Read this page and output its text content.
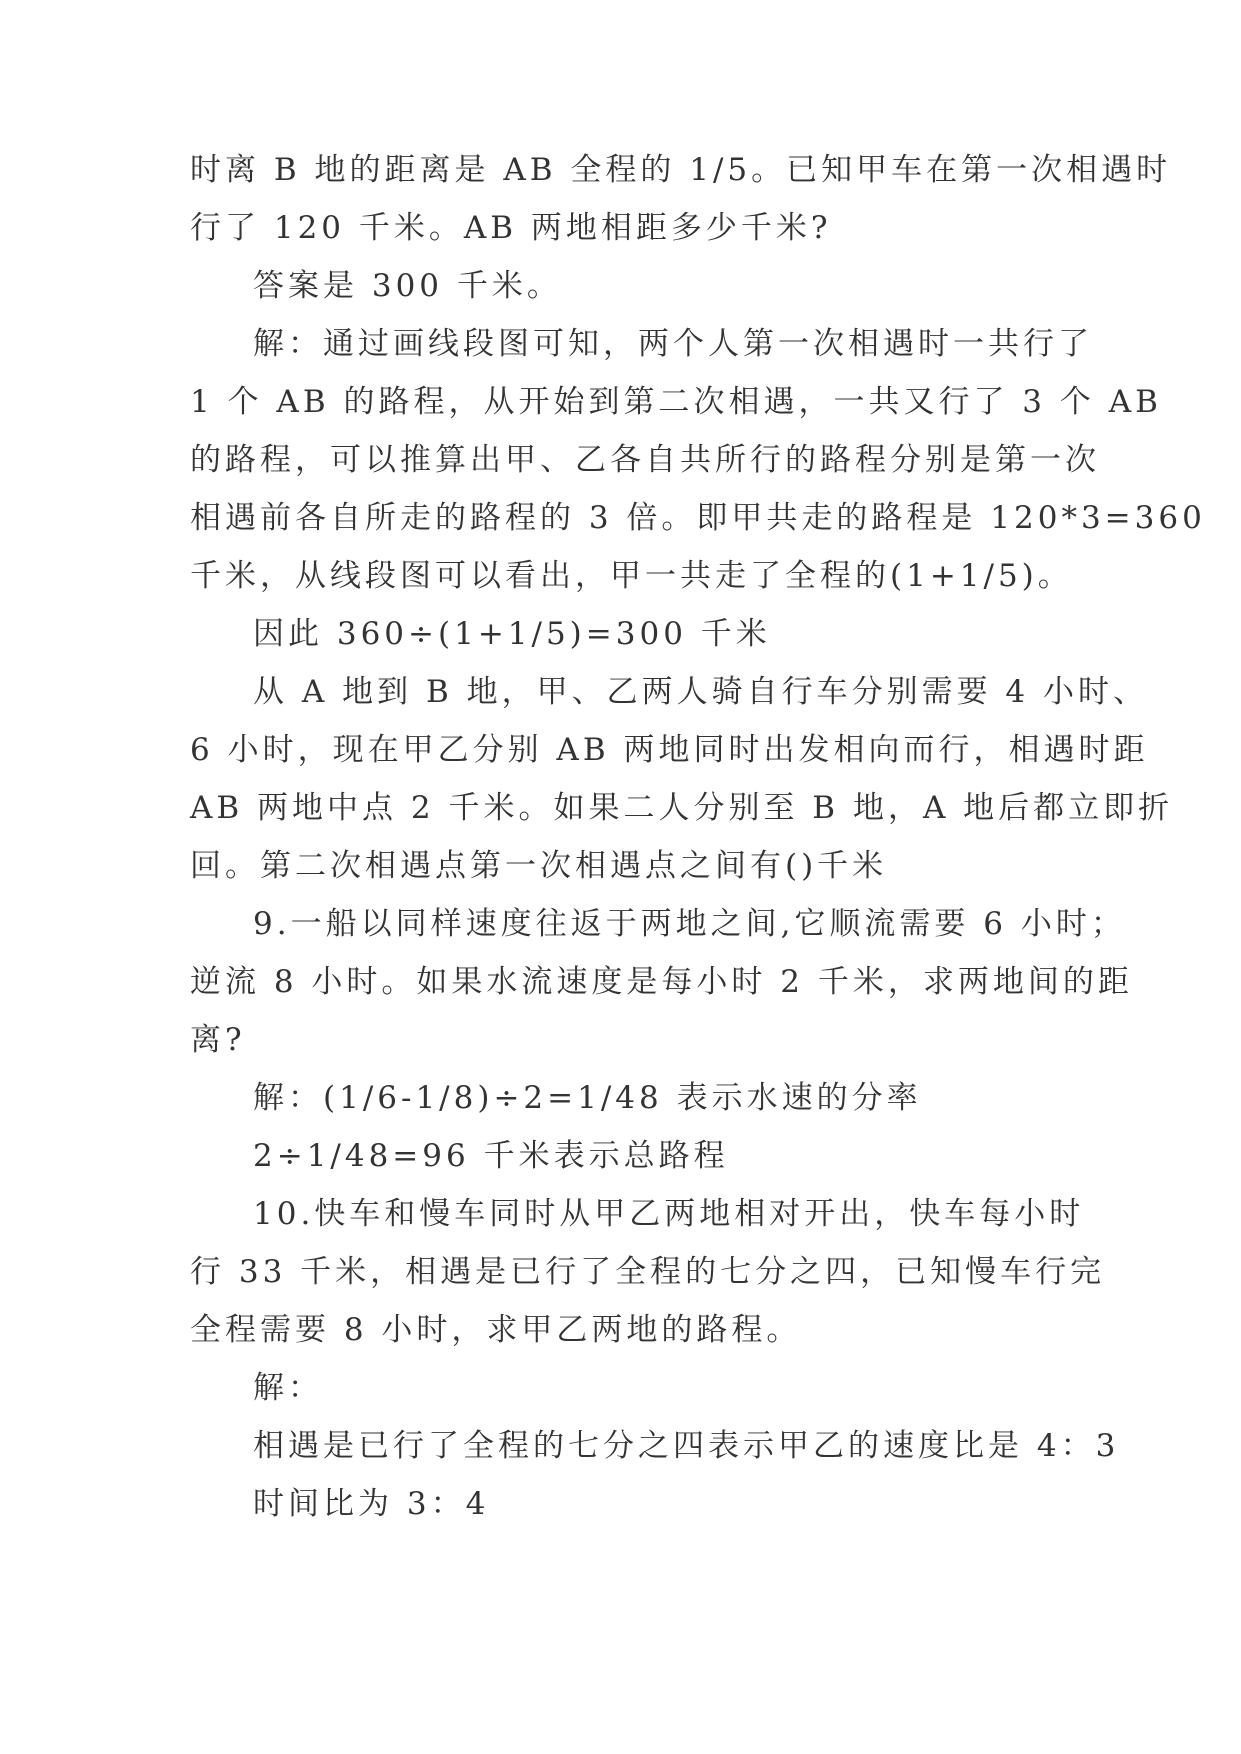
时离 B 地的距离是 AB 全程的 1/5。已知甲车在第一次相遇时
行了 120 千米。AB 两地相距多少千米?
答案是 300 千米。
解：通过画线段图可知，两个人第一次相遇时一共行了
1 个 AB 的路程，从开始到第二次相遇，一共又行了 3 个 AB
的路程，可以推算出甲、乙各自共所行的路程分别是第一次
相遇前各自所走的路程的 3 倍。即甲共走的路程是 120*3=360
千米，从线段图可以看出，甲一共走了全程的(1+1/5)。
因此 360÷(1+1/5)=300 千米
从 A 地到 B 地，甲、乙两人骑自行车分别需要 4 小时、
6 小时，现在甲乙分别 AB 两地同时出发相向而行，相遇时距
AB 两地中点 2 千米。如果二人分别至 B 地，A 地后都立即折
回。第二次相遇点第一次相遇点之间有()千米
9.一船以同样速度往返于两地之间,它顺流需要 6 小时；
逆流 8 小时。如果水流速度是每小时 2 千米，求两地间的距
离?
解：(1/6-1/8)÷2=1/48 表示水速的分率
2÷1/48=96 千米表示总路程
10.快车和慢车同时从甲乙两地相对开出，快车每小时
行 33 千米，相遇是已行了全程的七分之四，已知慢车行完
全程需要 8 小时，求甲乙两地的路程。
解：
相遇是已行了全程的七分之四表示甲乙的速度比是 4：3
时间比为 3：4
